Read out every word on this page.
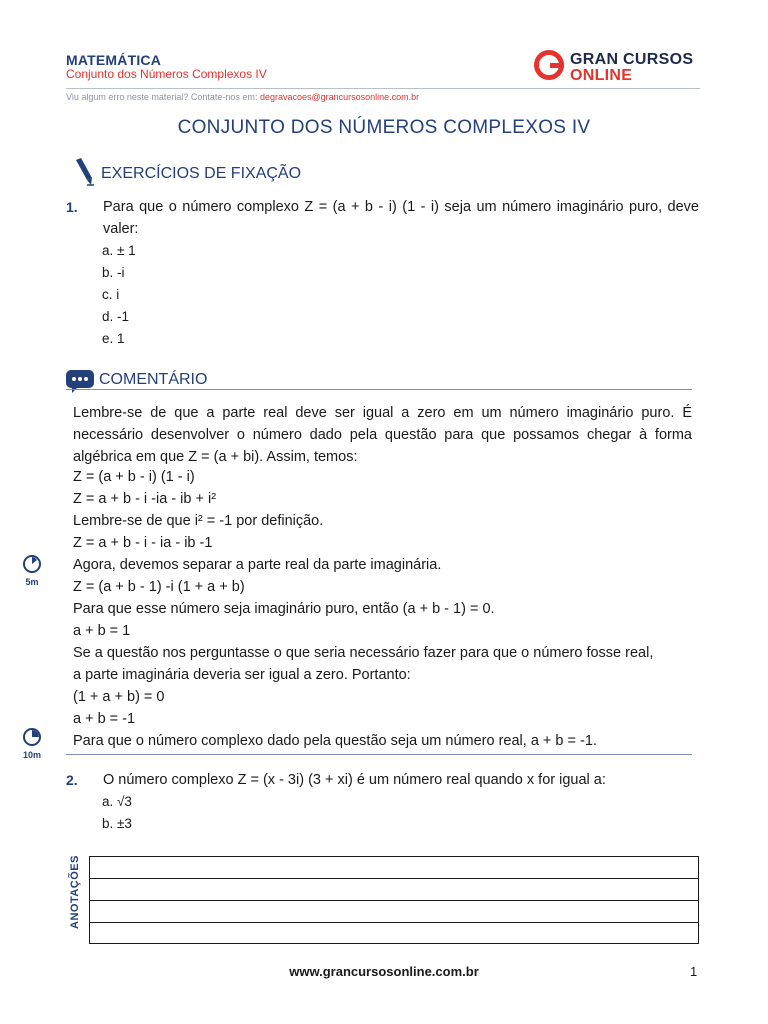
MATEMÁTICA
Conjunto dos Números Complexos IV
GRAN CURSOS
ONLINE
Viu algum erro neste material? Contate-nos em: degravacoes@grancursosonline.com.br
CONJUNTO DOS NÚMEROS COMPLEXOS IV
EXERCÍCIOS DE FIXAÇÃO
1. Para que o número complexo Z = (a + b - i) (1 - i) seja um número imaginário puro, deve valer:
a. ± 1
b. -i
c. i
d. -1
e. 1
COMENTÁRIO
Lembre-se de que a parte real deve ser igual a zero em um número imaginário puro. É necessário desenvolver o número dado pela questão para que possamos chegar à forma algébrica em que Z = (a + bi). Assim, temos:
Z = (a + b - i) (1 - i)
Z = a + b - i -ia - ib + i²
Lembre-se de que i² = -1 por definição.
Z = a + b - i - ia - ib -1
Agora, devemos separar a parte real da parte imaginária.
Z = (a + b - 1) -i (1 + a + b)
Para que esse número seja imaginário puro, então (a + b - 1) = 0.
a + b = 1
Se a questão nos perguntasse o que seria necessário fazer para que o número fosse real,
a parte imaginária deveria ser igual a zero. Portanto:
(1 + a + b) = 0
a + b = -1
Para que o número complexo dado pela questão seja um número real, a + b = -1.
5m
10m
2. O número complexo Z = (x - 3i) (3 + xi) é um número real quando x for igual a:
a. √3
b. ±3
ANOTAÇÕES
www.grancursosonline.com.br	1
